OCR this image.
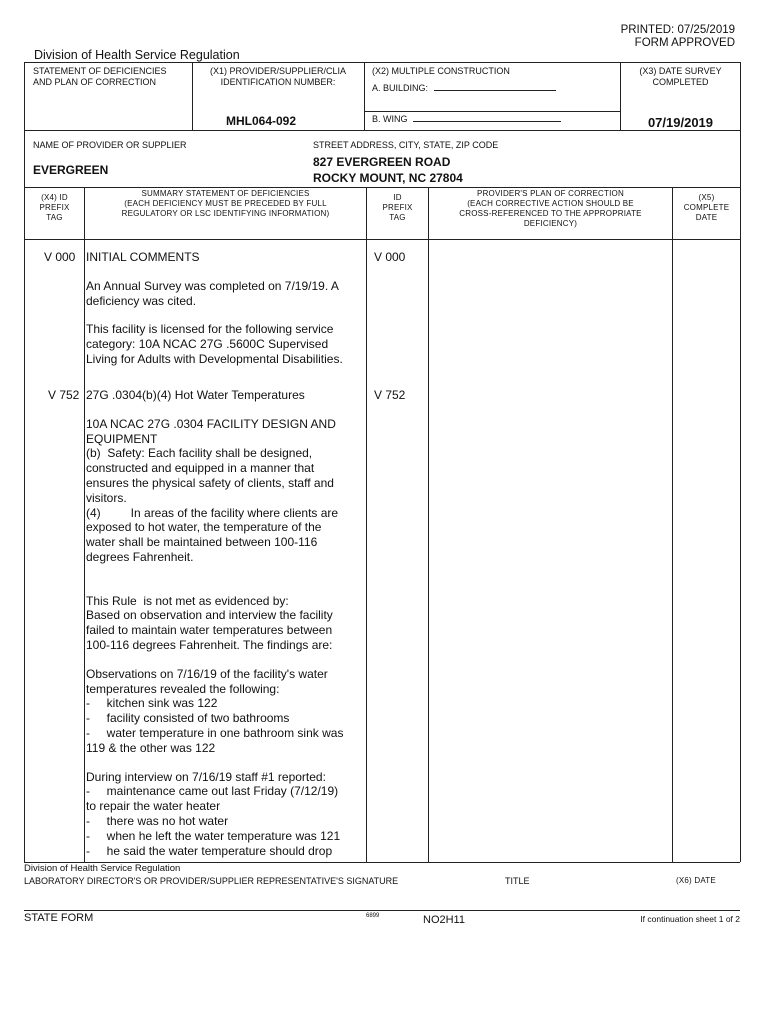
PRINTED: 07/25/2019
FORM APPROVED
Division of Health Service Regulation
STATEMENT OF DEFICIENCIES
AND PLAN OF CORRECTION
(X1) PROVIDER/SUPPLIER/CLIA
IDENTIFICATION NUMBER:
MHL064-092
(X2) MULTIPLE CONSTRUCTION
A. BUILDING:
B. WING
(X3) DATE SURVEY
COMPLETED
07/19/2019
NAME OF PROVIDER OR SUPPLIER
EVERGREEN
STREET ADDRESS, CITY, STATE, ZIP CODE
827 EVERGREEN ROAD
ROCKY MOUNT, NC 27804
(X4) ID
PREFIX
TAG
SUMMARY STATEMENT OF DEFICIENCIES
(EACH DEFICIENCY MUST BE PRECEDED BY FULL
REGULATORY OR LSC IDENTIFYING INFORMATION)
ID
PREFIX
TAG
PROVIDER'S PLAN OF CORRECTION
(EACH CORRECTIVE ACTION SHOULD BE
CROSS-REFERENCED TO THE APPROPRIATE
DEFICIENCY)
(X5)
COMPLETE
DATE
V 000	V 000
INITIAL COMMENTS
An Annual Survey was completed on 7/19/19. A
deficiency was cited.
This facility is licensed for the following service
category: 10A NCAC 27G .5600C Supervised
Living for Adults with Developmental Disabilities.
V 752	V 752
27G .0304(b)(4) Hot Water Temperatures
10A NCAC 27G .0304 FACILITY DESIGN AND
EQUIPMENT
(b)  Safety: Each facility shall be designed,
constructed and equipped in a manner that
ensures the physical safety of clients, staff and
visitors.
(4)         In areas of the facility where clients are
exposed to hot water, the temperature of the
water shall be maintained between 100-116
degrees Fahrenheit.

This Rule  is not met as evidenced by:
Based on observation and interview the facility
failed to maintain water temperatures between
100-116 degrees Fahrenheit. The findings are:
Observations on 7/16/19 of the facility's water
temperatures revealed the following:
-     kitchen sink was 122
-     facility consisted of two bathrooms
-     water temperature in one bathroom sink was
119 & the other was 122
During interview on 7/16/19 staff #1 reported:
-     maintenance came out last Friday (7/12/19)
to repair the water heater
-     there was no hot water
-     when he left the water temperature was 121
-     he said the water temperature should drop
Division of Health Service Regulation
LABORATORY DIRECTOR'S OR PROVIDER/SUPPLIER REPRESENTATIVE'S SIGNATURE	TITLE	(X6) DATE
STATE FORM	6899	NO2H11	If continuation sheet 1 of 2
